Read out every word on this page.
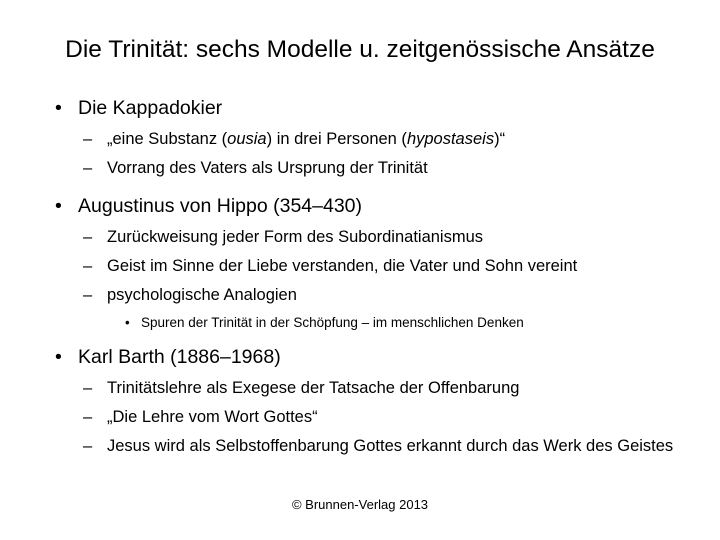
Die Trinität: sechs Modelle u. zeitgenössische Ansätze
• Die Kappadokier
– „eine Substanz (ousia) in drei Personen (hypostaseis)“
– Vorrang des Vaters als Ursprung der Trinität
• Augustinus von Hippo (354–430)
– Zurückweisung jeder Form des Subordinatianismus
– Geist im Sinne der Liebe verstanden, die Vater und Sohn vereint
– psychologische Analogien
• Spuren der Trinität in der Schöpfung – im menschlichen Denken
• Karl Barth (1886–1968)
– Trinitätslehre als Exegese der Tatsache der Offenbarung
– „Die Lehre vom Wort Gottes“
– Jesus wird als Selbstoffenbarung Gottes erkannt durch das Werk des Geistes
© Brunnen-Verlag 2013
